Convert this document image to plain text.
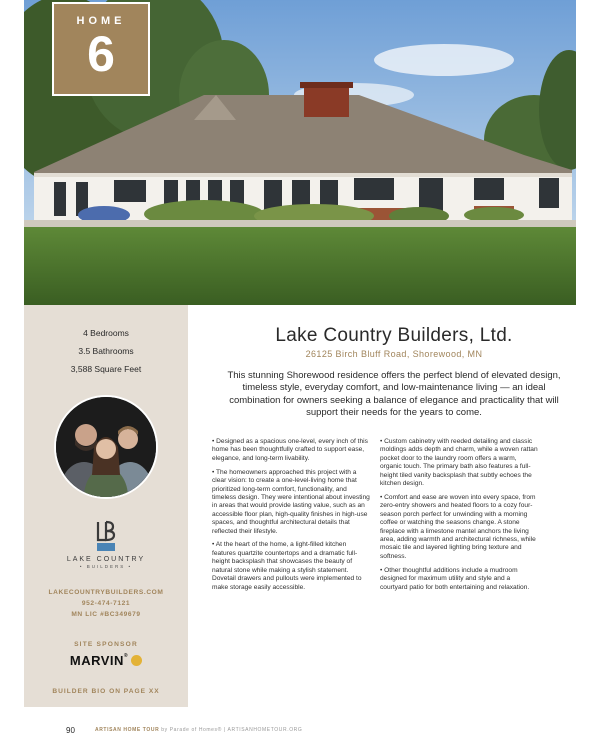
HOME
6
4 Bedrooms
3.5 Bathrooms
3,588 Square Feet
LAKE COUNTRY
• BUILDERS •
LAKECOUNTRYBUILDERS.COM
952-474-7121
MN LIC #BC349679
SITE SPONSOR
MARVIN®
BUILDER BIO ON PAGE XX
Lake Country Builders, Ltd.
26125 Birch Bluff Road, Shorewood, MN
This stunning Shorewood residence offers the perfect blend of elevated design, timeless style, everyday comfort, and low-maintenance living — an ideal combination for owners seeking a balance of elegance and practicality that will support their needs for the years to come.

• Designed as a spacious one-level, every inch of this home has been thoughtfully crafted to support ease, elegance, and long-term livability.

• The homeowners approached this project with a clear vision: to create a one-level-living home that prioritized long-term comfort, functionality, and timeless design. They were intentional about investing in areas that would provide lasting value, such as an accessible floor plan, high-quality finishes in high-use spaces, and thoughtful architectural details that reflected their lifestyle.

• At the heart of the home, a light-filled kitchen features quartzite countertops and a dramatic full-height backsplash that showcases the beauty of natural stone while making a stylish statement. Dovetail drawers and pullouts were implemented to make storage easily accessible.

• Custom cabinetry with reeded detailing and classic moldings adds depth and charm, while a woven rattan pocket door to the laundry room offers a warm, organic touch. The primary bath also features a full-height tiled vanity backsplash that subtly echoes the kitchen design.

• Comfort and ease are woven into every space, from zero-entry showers and heated floors to a cozy four-season porch perfect for unwinding with a morning coffee or watching the seasons change. A stone fireplace with a limestone mantel anchors the living area, adding warmth and architectural richness, while mosaic tile and layered lighting bring texture and softness.

• Other thoughtful additions include a mudroom designed for maximum utility and style and a courtyard patio for both entertaining and relaxation.

90	ARTISAN HOME TOUR by Parade of Homes® | ARTISANHOMETOUR.ORG
